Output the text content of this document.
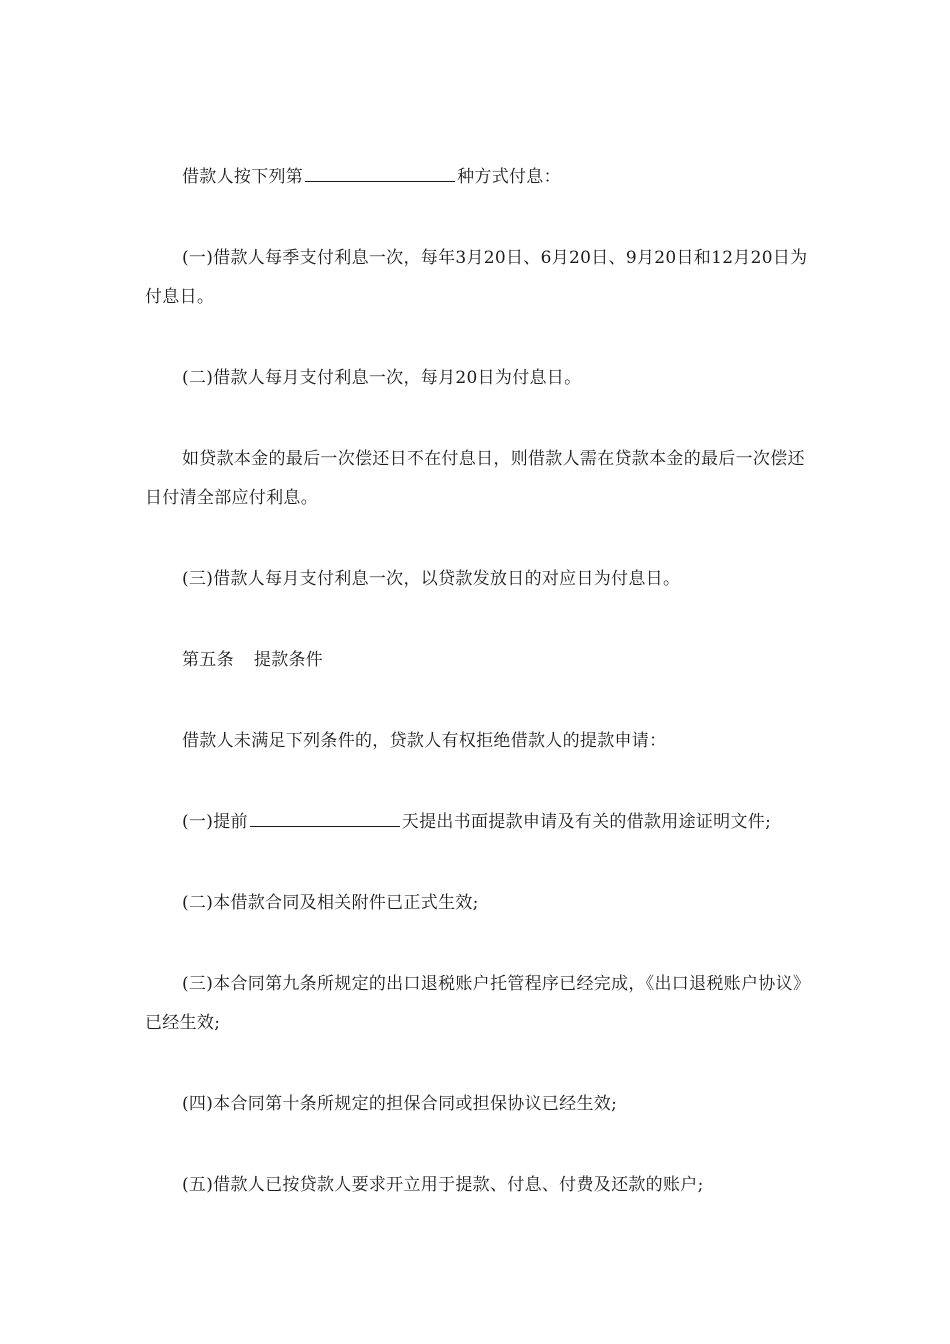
借款人按下列第	种方式付息：

(一)借款人每季支付利息一次，每年3月20日、6月20日、9月20日和12月20日为付息日。

(二)借款人每月支付利息一次，每月20日为付息日。

如贷款本金的最后一次偿还日不在付息日，则借款人需在贷款本金的最后一次偿还日付清全部应付利息。

(三)借款人每月支付利息一次，以贷款发放日的对应日为付息日。

第五条 提款条件

借款人未满足下列条件的，贷款人有权拒绝借款人的提款申请：

(一)提前	天提出书面提款申请及有关的借款用途证明文件;

(二)本借款合同及相关附件已正式生效;

(三)本合同第九条所规定的出口退税账户托管程序已经完成，《出口退税账户协议》已经生效;

(四)本合同第十条所规定的担保合同或担保协议已经生效;

(五)借款人已按贷款人要求开立用于提款、付息、付费及还款的账户;
